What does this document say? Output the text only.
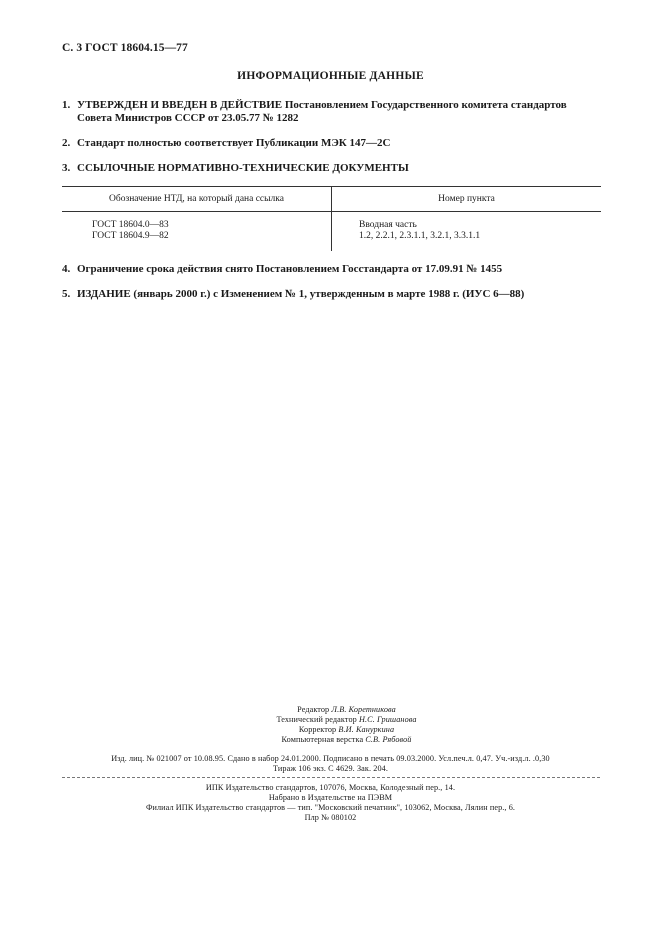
С. 3 ГОСТ 18604.15—77
ИНФОРМАЦИОННЫЕ ДАННЫЕ
1. УТВЕРЖДЕН И ВВЕДЕН В ДЕЙСТВИЕ Постановлением Государственного комитета стандартов
Совета Министров СССР от 23.05.77 № 1282
2. Стандарт полностью соответствует Публикации МЭК 147—2С
3. ССЫЛОЧНЫЕ НОРМАТИВНО-ТЕХНИЧЕСКИЕ ДОКУМЕНТЫ
Обозначение НТД, на который дана ссылка	Номер пункта
ГОСТ 18604.0—83
ГОСТ 18604.9—82
Вводная часть
1.2, 2.2.1, 2.3.1.1, 3.2.1, 3.3.1.1
4. Ограничение срока действия снято Постановлением Госстандарта от 17.09.91 № 1455
5. ИЗДАНИЕ (январь 2000 г.) с Изменением № 1, утвержденным в марте 1988 г. (ИУС 6—88)
Редактор Л.В. Коретникова
Технический редактор Н.С. Гришанова
Корректор В.И. Кануркина
Компьютерная верстка С.В. Рябовой
Изд. лиц. № 021007 от 10.08.95. Сдано в набор 24.01.2000. Подписано в печать 09.03.2000. Усл.печ.л. 0,47. Уч.-изд.л. .0,30
Тираж 106 экз. С 4629. Зак. 204.
ИПК Издательство стандартов, 107076, Москва, Колодезный пер., 14.
Набрано в Издательстве на ПЭВМ
Филиал ИПК Издательство стандартов — тип. "Московский печатник", 103062, Москва, Лялин пер., 6.
Плр № 080102
